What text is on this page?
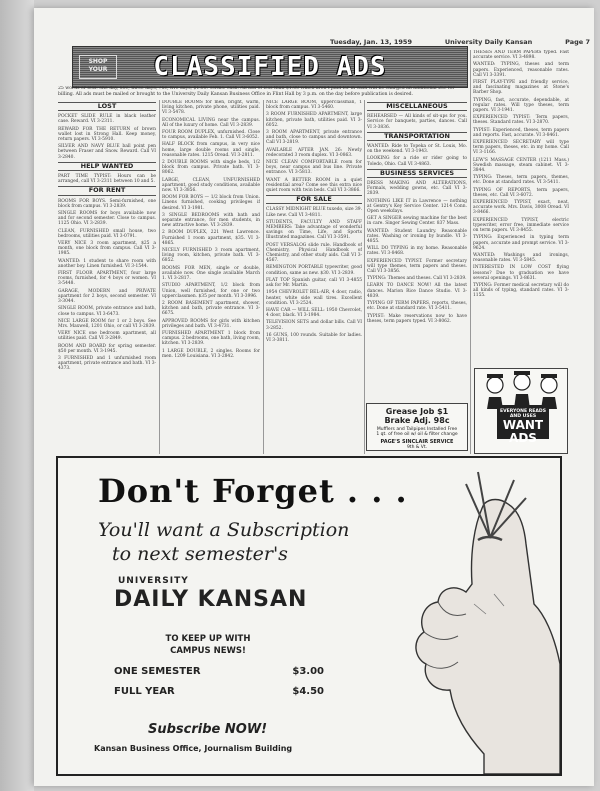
Tuesday, Jan. 13, 1959	University Daily Kansan	Page 7
SHOP YOUR	CLASSIFIED ADS
25 words or less: one day, 50c; three days, 75c; five days, $1.00. Terms: cash. All ads of less than $1.00 which aren't paid for in cash will be charged an additional 25c for billing. All ads must be mailed or brought to the University Daily Kansan Business Office in Flint Hall by 3 p.m. on the day before publication is desired.
LOST
POCKET SLIDE RULE in black leather case. Reward. VI 3-2311.
REWARD FOR THE RETURN of brown wallet lost in Strong Hall. Keep money, return papers. VI 3-5910.
SILVER AND NAVY BLUE ball point pen between Fraser and Snow. Reward. Call VI 3-2840.
HELP WANTED
PART TIME TYPIST: Hours can be arranged, call VI 3-2311 between 10 and 5.
FOR RENT
ROOMS FOR BOYS. Semi-furnished, one block from campus. VI 3-2839.
SINGLE ROOMS for boys available now and for second semester. Close to campus. 1125 Ohio. VI 3-2839.
CLEAN, FURNISHED small house, two bedrooms, utilities paid. VI 3-0791.
VERY NICE 3 room apartment, $25 a month, one block from campus. Call VI 3-1985.
WANTED: 1 student to share room with another boy. Linen furnished. VI 3-1544.
FIRST FLOOR APARTMENT, four large rooms, furnished, for 4 boys or women. VI 3-5448.
GARAGE, MODERN and PRIVATE apartment for 2 boys, second semester. VI 3-3044.
SINGLE ROOM, private entrance and bath, close to campus. VI 3-6473.
NICE LARGE ROOM for 1 or 2 boys. See Mrs. Maxwell, 1201 Ohio, or call VI 3-2839.
VERY NICE one bedroom apartment, all utilities paid. Call VI 3-2849.
ROOM AND BOARD for spring semester. $50 per month. VI 3-1945.
3 FURNISHED and 1 unfurnished room apartment, private entrance and bath. VI 3-4373.
DOUBLE ROOMS for men, bright, warm, living kitchen, private phone, utilities paid. VI 3-5478.
ECONOMICAL LIVING near the campus. All of the luxury of home. Call VI 3-2839.
FOUR ROOM DUPLEX, unfurnished. Close to campus, available Feb. 1. Call VI 3-6052.
HALF BLOCK from campus, in very nice home, large double rooms and single, reasonable rates. 1215 Oread. VI 3-2811.
2 DOUBLE ROOMS with single beds, 1/2 block from campus. Private bath. VI 3-8062.
LARGE, CLEAN, UNFURNISHED apartment, good study conditions, available now. VI 3-3856.
ROOM FOR BOYS — 1/2 block from Union. Linens furnished, cooking privileges if desired. VI 3-1981.
3 SINGLE BEDROOMS with bath and separate entrance, for men students, in new attractive home. VI 3-2839.
2 ROOM DUPLEX, 221 West Lawrence. Furnished 1 room apartment, $35. VI 3-4865.
NICELY FURNISHED 3 room apartment, living room, kitchen, private bath. VI 3-6852.
ROOMS FOR MEN, single or double, available now. One single available March 1. VI 3-2817.
STUDIO APARTMENT, 1/2 block from Union, well furnished, for one or two upperclassmen. $35 per month. VI 3-3996.
2 ROOM BASEMENT apartment, shower, kitchen and bath, private entrance. VI 3-6675.
APPROVED ROOMS for girls with kitchen privileges and bath. VI 3-4731.
FURNISHED APARTMENT 1 block from campus. 2 bedrooms, one bath, living room, kitchen. VI 3-2839.
1 LARGE DOUBLE, 2 singles. Rooms for men. 1209 Louisiana. VI 3-2842.
NICE LARGE ROOM, upperclassman, 1 block from campus. VI 3-5460.
3 ROOM FURNISHED APARTMENT, large kitchen, private bath, utilities paid. VI 3-6052.
3 ROOM APARTMENT, private entrance and bath, close to campus and downtown. Call VI 3-2819.
AVAILABLE AFTER JAN. 26: Newly redecorated 3 room duplex. VI 3-0863.
NICE CLEAN COMFORTABLE room for boys, near campus and bus line. Private entrance. VI 3-5813.
WANT A BETTER ROOM in a quiet residential area? Come see this extra nice quiet room with twin beds. Call VI 3-3866.
FOR SALE
CLASSY MIDNIGHT BLUE tuxedo, size 39. Like new. Call VI 3-4811.
STUDENTS, FACULTY AND STAFF MEMBERS: Take advantage of wonderful savings on Time, Life, and Sports Illustrated magazines. Call VI 3-3591.
POST VERSALOG slide rule. Handbook of Chemistry, Physical Handbook of Chemistry, and other study aids. Call VI 3-4567.
REMINGTON PORTABLE typewriter, good condition, same as new. $30. VI 3-2839.
FLAT TOP Spanish guitar, call VI 3-4855 ask for Mr. Martin.
1954 CHEVROLET BEL-AIR, 4 door, radio, heater, white side wall tires. Excellent condition. VI 3-2524.
HAVE CAR — WILL SELL: 1950 Chevrolet, 4 door, black. VI 3-1984.
TELEVISION SETS and dollar bills. Call VI 3-2852.
16 GUNS, 100 rounds. Suitable for ladies. VI 3-3811.
MISCELLANEOUS
REHEARSED — All kinds of sit-ups for you. Service for banquets, parties, dances. Call VI 3-3836.
TRANSPORTATION
WANTED: Ride to Topeka or St. Louis, Mo. on the weekend. VI 3-1943.
LOOKING for a ride or rider going to Toledo, Ohio. Call VI 3-4863.
BUSINESS SERVICES
DRESS MAKING AND ALTERATIONS, Formals, wedding gowns, etc. Call VI 3-2839.
NOTHING LIKE IT in Lawrence — nothing at Gentry's Key Service Center. 1214 Conn. Open weekdays.
GET A SINGER sewing machine for the best in care. Singer Sewing Center. 837 Mass.
WANTED: Student Laundry. Reasonable rates. Washing or ironing by bundle. VI 3-4855.
WILL DO TYPING in my home. Reasonable rates. VI 3-8468.
EXPERIENCED TYPIST. Former secretary will type themes, term papers and theses. Call VI 3-3856.
TYPING: Themes and theses. Call VI 3-2839.
LEARN TO DANCE NOW! All the latest dances. Marion Rice Dance Studio. VI 3-4839.
TYPING OF TERM PAPERS, reports, theses, etc. Done at standard rate. VI 3-5411.
TYPIST: Make reservations now to have theses, term papers typed. VI 3-8062.
THESES AND TERM PAPERS typed. Fast accurate service. VI 3-4898.
WANTED: TYPING, theses and term papers. Experienced, reasonable rates. Call VI 3-3391.
FIRST PLAY-TYPE and friendly service, and fascinating magazines at Stone's Barber Shop.
TYPING, fast, accurate, dependable, at regular rates. Will type theses, term papers. VI 3-1941.
EXPERIENCED TYPIST: Term papers, theses. Standard rates. VI 3-2870.
TYPIST: Experienced, theses, term papers and reports. Fast, accurate. VI 3-8461.
EXPERIENCED SECRETARY will type term papers, theses, etc. in my home. Call VI 3-1166.
LEW'S MASSAGE CENTER (1211 Mass.) Swedish massage, steam cabinet. VI 3-3844.
TYPING: Theses, term papers, themes, etc. Done at standard rates. VI 3-5411.
TYPING OF REPORTS, term papers, theses, etc. Call VI 3-6072.
EXPERIENCED TYPIST, exact, neat, accurate work. Mrs. Davis, 3008 Oread. VI 3-8466.
EXPERIENCED TYPIST, electric typewriter, error free, immediate service on term papers. VI 3-8455.
TYPING: Experienced in typing term papers, accurate and prompt service. VI 3-9624.
WANTED: Washings and ironings, reasonable rates. VI 3-5845.
INTERESTED IN LOW COST flying lessons? Due to graduation we have several openings. VI 3-8631.
TYPING: Former medical secretary will do all kinds of typing, standard rates. VI 3-1155.
Grease Job $1
Brake Adj. 98c
Mufflers and Tailpipes Installed Free
1 qt. of free oil w/ oil & filter change
PAGE'S SINCLAIR SERVICE
9th & Vt.
EVERYONE READS
AND USES
WANT ADS
Don't Forget . . .
You'll want a Subscription
to next semester's
UNIVERSITY
DAILY KANSAN
TO KEEP UP WITH
CAMPUS NEWS!
ONE SEMESTER	$3.00
FULL YEAR	$4.50
Subscribe NOW!
Kansan Business Office, Journalism Building
